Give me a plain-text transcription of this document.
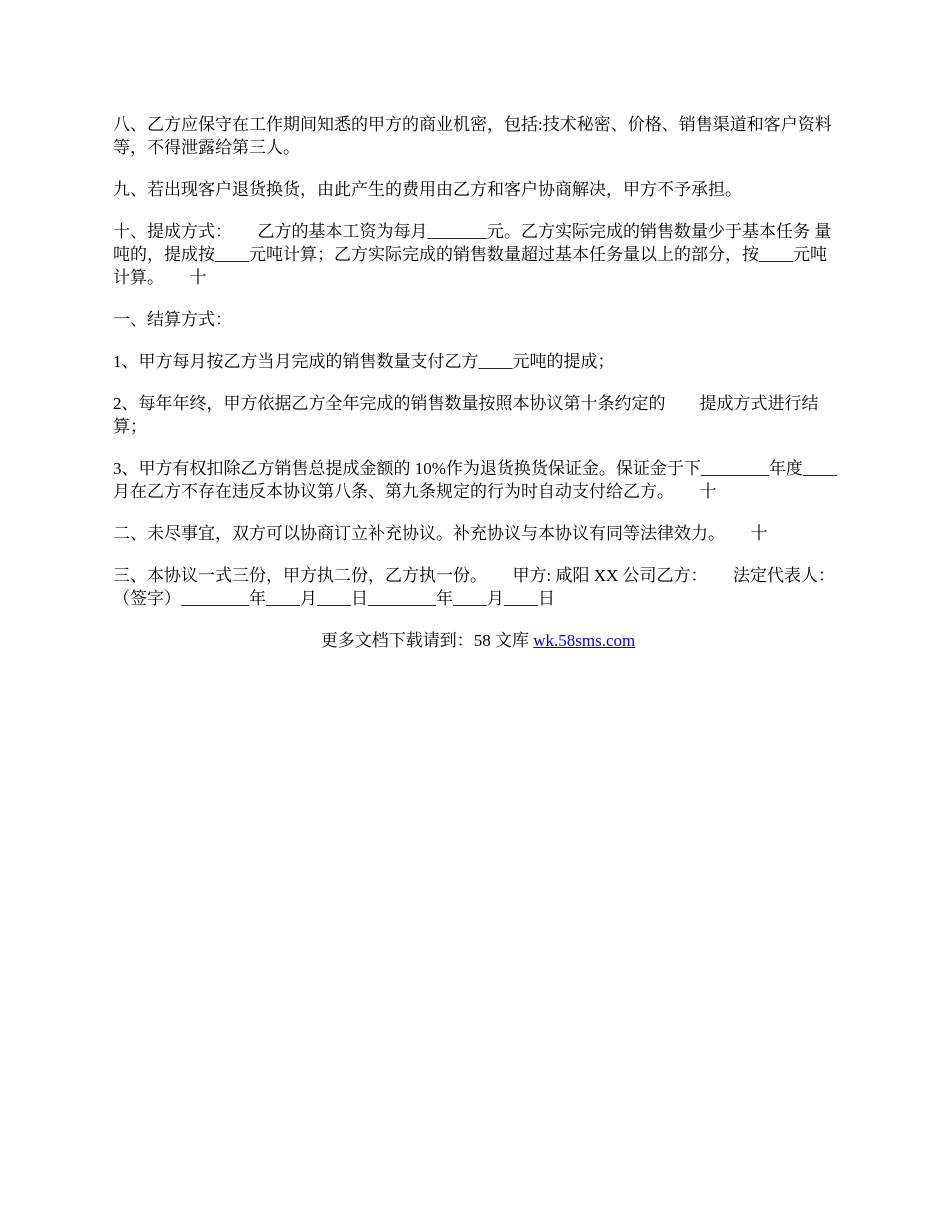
八、乙方应保守在工作期间知悉的甲方的商业机密，包括:技术秘密、价格、销售渠道和客户资料等，不得泄露给第三人。

九、若出现客户退货换货，由此产生的费用由乙方和客户协商解决，甲方不予承担。

十、提成方式：　　乙方的基本工资为每月_______元。乙方实际完成的销售数量少于基本任务 量 吨的，提成按____元吨计算；乙方实际完成的销售数量超过基本任务量以上的部分，按____元吨计算。　　十

一、结算方式：

1、甲方每月按乙方当月完成的销售数量支付乙方____元吨的提成；

2、每年年终，甲方依据乙方全年完成的销售数量按照本协议第十条约定的　　提成方式进行结算；

3、甲方有权扣除乙方销售总提成金额的 10%作为退货换货保证金。保证金于下________年度____月在乙方不存在违反本协议第八条、第九条规定的行为时自动支付给乙方。　　十

二、未尽事宜，双方可以协商订立补充协议。补充协议与本协议有同等法律效力。　　十

三、本协议一式三份，甲方执二份，乙方执一份。　　甲方: 咸阳 XX 公司乙方：　　法定代表人：（签字）________年____月____日________年____月____日

更多文档下载请到：58 文库 wk.58sms.com
